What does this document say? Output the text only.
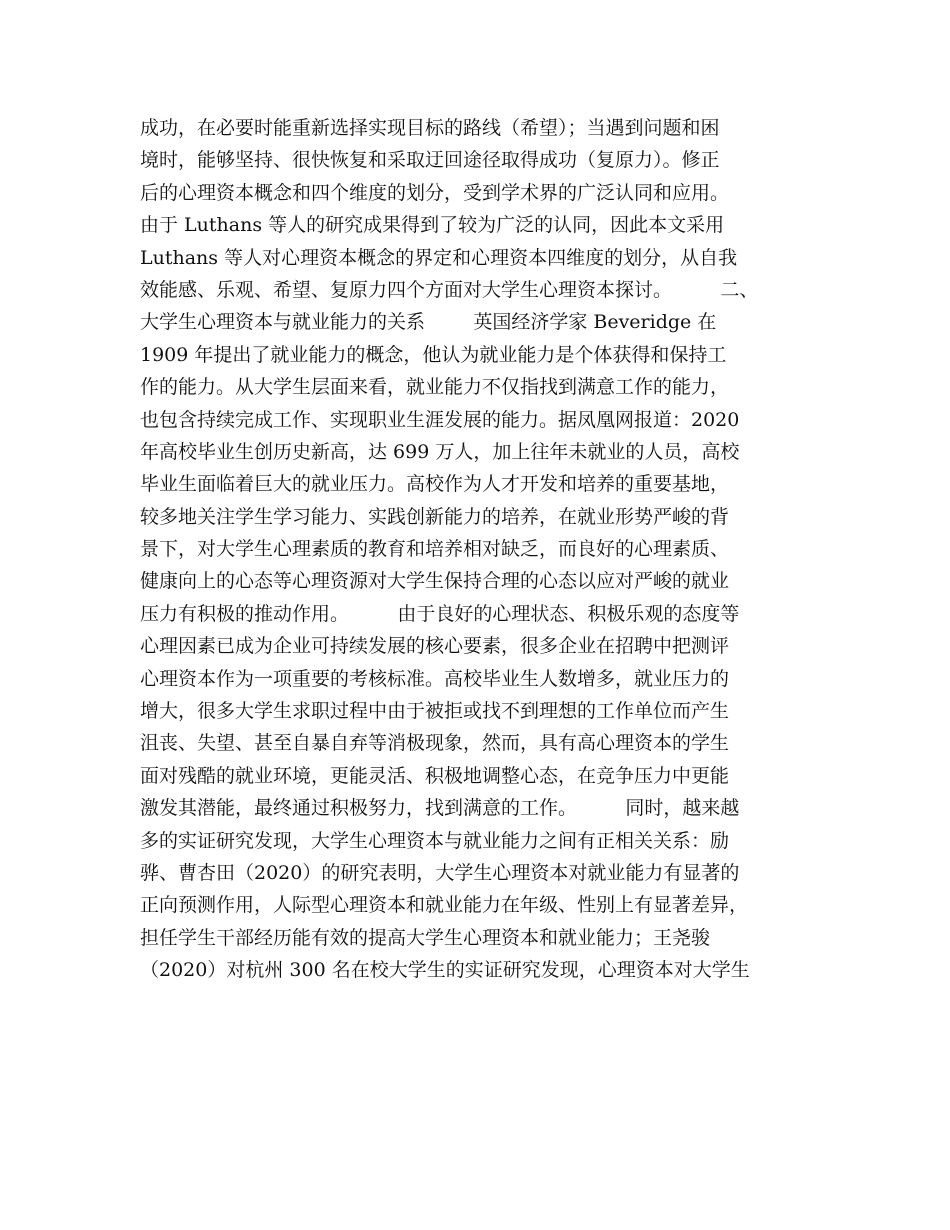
成功，在必要时能重新选择实现目标的路线（希望）；当遇到问题和困
境时，能够坚持、很快恢复和采取迂回途径取得成功（复原力）。修正
后的心理资本概念和四个维度的划分，受到学术界的广泛认同和应用。
由于 Luthans 等人的研究成果得到了较为广泛的认同，因此本文采用
Luthans 等人对心理资本概念的界定和心理资本四维度的划分，从自我
效能感、乐观、希望、复原力四个方面对大学生心理资本探讨。        二、
大学生心理资本与就业能力的关系        英国经济学家 Beveridge 在
1909 年提出了就业能力的概念，他认为就业能力是个体获得和保持工
作的能力。从大学生层面来看，就业能力不仅指找到满意工作的能力，
也包含持续完成工作、实现职业生涯发展的能力。据凤凰网报道：2020
年高校毕业生创历史新高，达 699 万人，加上往年未就业的人员，高校
毕业生面临着巨大的就业压力。高校作为人才开发和培养的重要基地，
较多地关注学生学习能力、实践创新能力的培养，在就业形势严峻的背
景下，对大学生心理素质的教育和培养相对缺乏，而良好的心理素质、
健康向上的心态等心理资源对大学生保持合理的心态以应对严峻的就业
压力有积极的推动作用。        由于良好的心理状态、积极乐观的态度等
心理因素已成为企业可持续发展的核心要素，很多企业在招聘中把测评
心理资本作为一项重要的考核标准。高校毕业生人数增多，就业压力的
增大，很多大学生求职过程中由于被拒或找不到理想的工作单位而产生
沮丧、失望、甚至自暴自弃等消极现象，然而，具有高心理资本的学生
面对残酷的就业环境，更能灵活、积极地调整心态，在竞争压力中更能
激发其潜能，最终通过积极努力，找到满意的工作。        同时，越来越
多的实证研究发现，大学生心理资本与就业能力之间有正相关关系：励
骅、曹杏田（2020）的研究表明，大学生心理资本对就业能力有显著的
正向预测作用，人际型心理资本和就业能力在年级、性别上有显著差异，
担任学生干部经历能有效的提高大学生心理资本和就业能力；王尧骏
（2020）对杭州 300 名在校大学生的实证研究发现，心理资本对大学生
